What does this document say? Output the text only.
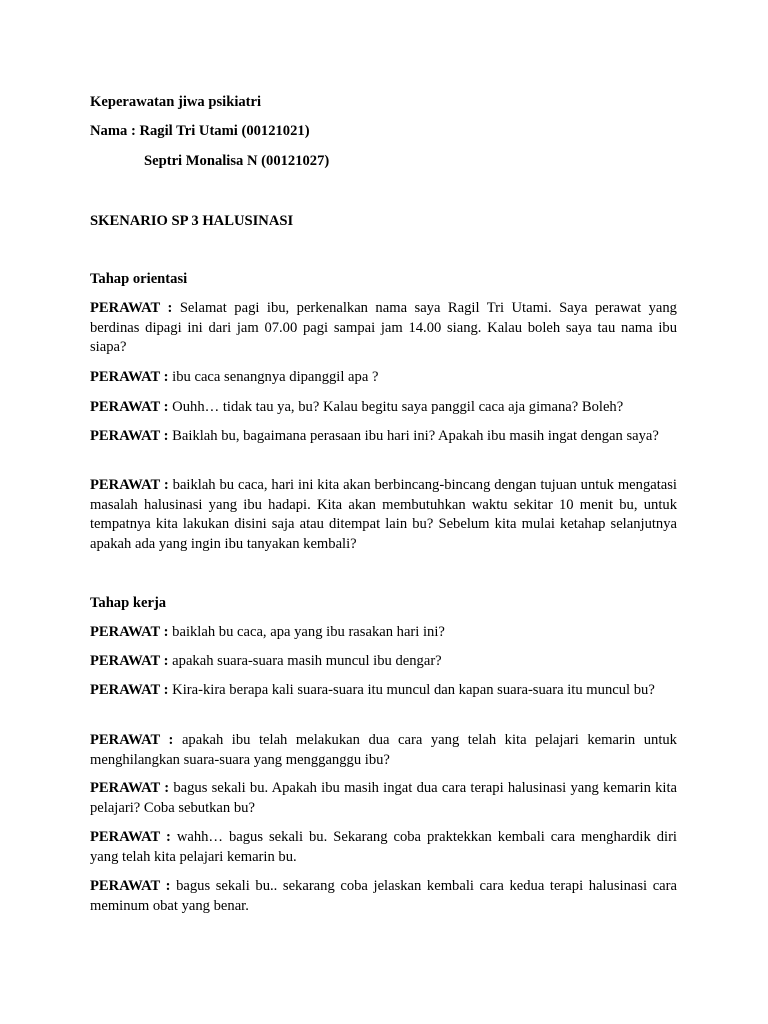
Keperawatan jiwa psikiatri
Nama : Ragil Tri Utami (00121021)
Septri Monalisa N (00121027)
SKENARIO SP 3 HALUSINASI
Tahap orientasi
PERAWAT : Selamat pagi ibu, perkenalkan nama saya Ragil Tri Utami. Saya perawat yang berdinas dipagi ini dari jam 07.00 pagi sampai jam 14.00 siang. Kalau boleh saya tau nama ibu siapa?
PERAWAT : ibu caca senangnya dipanggil apa ?
PERAWAT : Ouhh… tidak tau ya, bu? Kalau begitu saya panggil caca aja gimana? Boleh?
PERAWAT : Baiklah bu, bagaimana perasaan ibu hari ini? Apakah ibu masih ingat dengan saya?
PERAWAT : baiklah bu caca, hari ini kita akan berbincang-bincang dengan tujuan untuk mengatasi masalah halusinasi yang ibu hadapi. Kita akan membutuhkan waktu sekitar 10 menit bu, untuk tempatnya kita lakukan disini saja atau ditempat lain bu? Sebelum kita mulai ketahap selanjutnya apakah ada yang ingin ibu tanyakan kembali?
Tahap kerja
PERAWAT : baiklah bu caca, apa yang ibu rasakan hari ini?
PERAWAT : apakah suara-suara masih muncul ibu dengar?
PERAWAT : Kira-kira berapa kali suara-suara itu muncul dan kapan suara-suara itu muncul bu?
PERAWAT : apakah ibu telah melakukan dua cara yang telah kita pelajari kemarin untuk menghilangkan suara-suara yang mengganggu ibu?
PERAWAT : bagus sekali bu. Apakah ibu masih ingat dua cara terapi halusinasi yang kemarin kita pelajari? Coba sebutkan bu?
PERAWAT : wahh… bagus sekali bu. Sekarang coba praktekkan kembali cara menghardik diri yang telah kita pelajari kemarin bu.
PERAWAT : bagus sekali bu.. sekarang coba jelaskan kembali cara kedua terapi halusinasi cara meminum obat yang benar.
